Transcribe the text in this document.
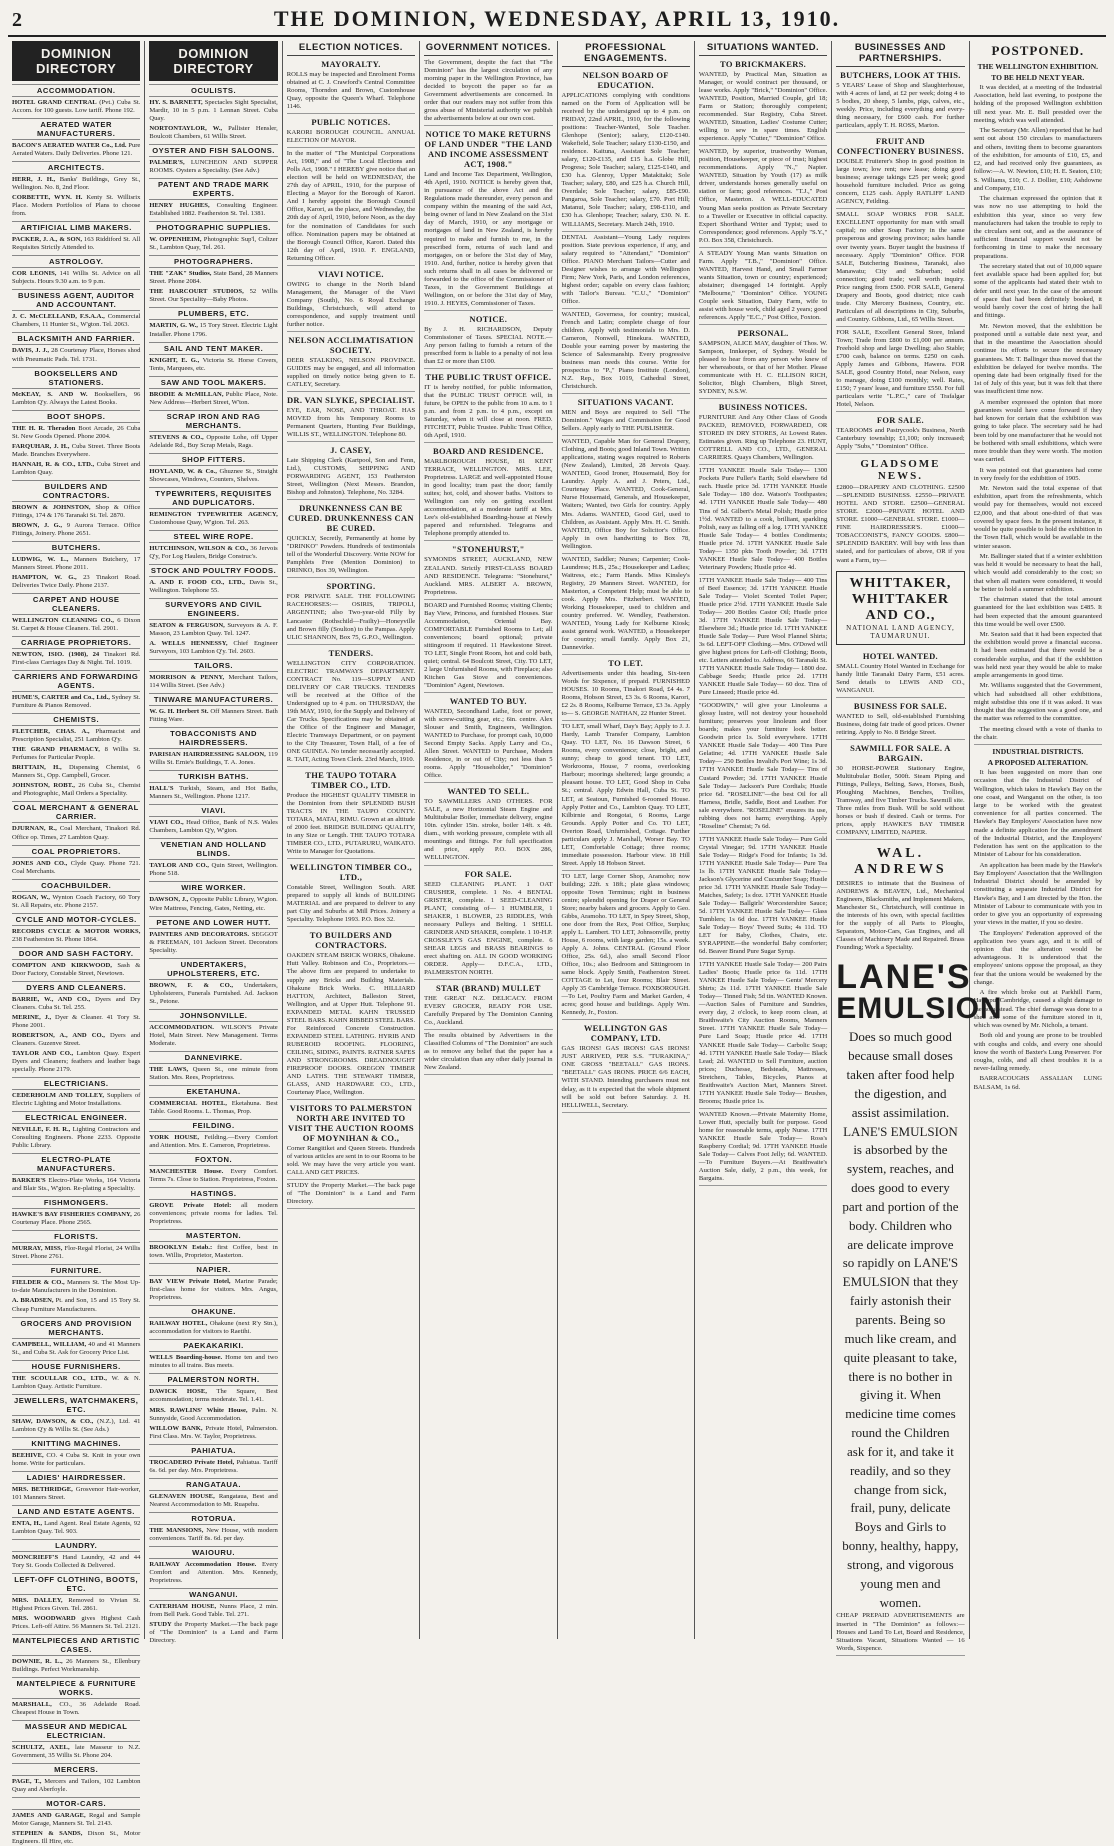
2	THE DOMINION, WEDNESDAY, APRIL 13, 1910.
DOMINION DIRECTORY
ACCOMMODATION.

HOTEL GRAND CENTRAL (Pvt.) Cuba St. Accom. for 100 guests. Low tariff. Phone 192.

AERATED WATER MANUFACTURERS.

BACON'S AERATED WATER Co., Ltd. Pure Aerated Waters. Daily Deliveries. Phone 121.

ARCHITECTS.

HERR, J. H., Banks' Buildings, Grey St., Wellington. No. 8, 2nd Floor.

CORBETTE, WYN. H. Kenty St. Willisrix Place. Modern Portfolios of Plans to choose from.

ARTIFICIAL LIMB MAKERS.

PACKER, J. A., & SON, 163 Riddiford St. All Requisites Strictly Attended to.

ASTROLOGY.

COR LEONIS, 141 Willis St. Advice on all Subjects. Hours 9.30 a.m. to 9 p.m.

BUSINESS AGENT, AUDITOR AND ACCOUNTANT.

J. C. McCLELLAND, F.S.A.A., Commercial Chambers, 11 Hunter St., W'gton. Tel. 2063.

BLACKSMITH AND FARRIER.

DAVIS, J. J., 28 Courtenay Place, Horses shod with Pneumatic Pads. Tel. 1731.

BOOKSELLERS AND STATIONERS.

McKEAY, S. AND W. Booksellers, 96 Lambton Q'y. Always the Latest Books.

BOOT SHOPS.

THE H. R. Theradon Boot Arcade, 26 Cuba St. New Goods Opened. Phone 2004.

FARQUHAR, J. H., Cuba Street. Three Boots Made. Branches Everywhere.

HANNAH, R. & CO., LTD., Cuba Street and Lambton Quay.

BUILDERS AND CONTRACTORS.

BROWN & JOHNSTON, Shop & Office Fittings, 174 & 176 Taranaki St. Tel. 2870.

BROWN, J. G., 9 Aurora Terrace. Office Fittings, Joinery. Phone 2651.

BUTCHERS.

LUDWIG, W. L., Manners Butchery, 17 Manners Street. Phone 2011.

HAMPTON, W. G., 23 Tinakori Road. Deliveries Twice Daily. Phone 2137.

CARPET AND HOUSE CLEANERS.

WELLINGTON CLEANING CO., 6 Dixon St. Carpet & House Cleaners. Tel. 2901.

CARRIAGE PROPRIETORS.

NEWTON, ISIO. (1908), 24 Tinakori Rd. First-class Carriages Day & Night. Tel. 1019.

CARRIERS AND FORWARDING AGENTS.

HUME'S, CARTER and Co., Ltd., Sydney St. Furniture & Pianos Removed.

CHEMISTS.

FLETCHER, CHAS. A., Pharmacist and Prescription Specialist, 251 Lambton Q'y.

THE GRAND PHARMACY, 8 Willis St. Perfumes for Particular People.

BRITTAIN, H., Dispensing Chemist, 6 Manners St., Opp. Campbell, Grocer.

JOHNSTON, ROBT., 26 Cuba St., Chemist and Photographic, Mail Orders a Speciality.

COAL MERCHANT & GENERAL CARRIER.

DJURNAN, R., Coal Merchant, Tinakori Rd. Office op. Times, 27 Lambton Quay.

COAL PROPRIETORS.

JONES AND CO., Clyde Quay. Phone 721. Coal Merchants.

COACHBUILDER.

ROGAN, W., Wynton Coach Factory, 60 Tory St. All Repairs, etc. Phone 2157.

CYCLE AND MOTOR-CYCLES.

RECORDS CYCLE & MOTOR WORKS, 238 Featherston St. Phone 1864.

DOOR AND SASH FACTORY.

COMPTON AND KIRKWOOD, Sash & Door Factory, Constable Street, Newtown.

DYERS AND CLEANERS.

BARRIE, W., AND CO., Dyers and Dry Cleaners. Cuba St. Tel. 255.

MERINE, J., Dyer & Cleaner. 41 Tory St. Phone 2001.

ROBERTSON, A., AND CO., Dyers and Cleaners. Guzenve Street.

TAYLOR AND CO., Lambton Quay. Expert Dyers and Cleaners; feathers and leather bags specially. Phone 2179.

ELECTRICIANS.

CEDERHOLM AND TOLLEY, Suppliers of Electric Lighting and Motor Installations.

ELECTRICAL ENGINEER.

NEVILLE, F. H. R., Lighting Contractors and Consulting Engineers. Phone 2233. Opposite Public Library.

ELECTRO-PLATE MANUFACTURERS.

BARKER'S Electro-Plate Works, 164 Victoria and Blair Sts., W'gton. Re-plating a Speciality.

FISHMONGERS.

HAWKE'S BAY FISHERIES COMPANY, 26 Courtenay Place. Phone 2565.

FLORISTS.

MURRAY, MISS, Flor-Regal Florist, 24 Willis Street. Phone 2761.

FURNITURE.

FIELDER & CO., Manners St. The Most Up-to-date Manufacturers in the Dominion.

A. BRADSEN, Pt. and Son, 15 and 15 Tory St. Cheap Furniture Manufacturers.

GROCERS AND PROVISION MERCHANTS.

CAMPBELL, WILLIAM, 40 and 41 Manners St., and Cuba St. Ask for Grocery Price List.

HOUSE FURNISHERS.

THE SCOULLAR CO., LTD., W. & N. Lambton Quay. Artistic Furniture.

JEWELLERS, WATCHMAKERS, ETC.

SHAW, DAWSON, & CO., (N.Z.), Ltd. 41 Lambton Q'y & Willis St. (See Ads.)

KNITTING MACHINES.

BEEHIVE, CO. 4 Cuba St. Knit in your own home. Write for particulars.

LADIES' HAIRDRESSER.

MRS. BETHRIDGE, Grosvenor Hair-worker, 101 Manners Street.

LAND AND ESTATE AGENTS.

ENTA, H., Land Agent. Real Estate Agents, 92 Lambton Quay. Tel. 903.

LAUNDRY.

MONCRIEFF'S Hand Laundry, 42 and 44 Tory St. Goods Collected & Delivered.

LEFT-OFF CLOTHING, BOOTS, ETC.

MRS. DALLEY, Removed to Vivian St. Highest Prices Given. Tel. 2861.

MRS. WOODWARD gives Highest Cash Prices. Left-off Attire. 56 Manners St. Tel. 2121.

MANTELPIECES AND ARTISTIC CASES.

DOWNIE, R. L., 26 Manners St., Ellenbury Buildings. Perfect Workmanship.

MANTELPIECE & FURNITURE WORKS.

MARSHALL, CO., 36 Adelaide Road. Cheapest House in Town.

MASSEUR AND MEDICAL ELECTRICIAN.

SCHULTZ, AXEL, late Masseur to N.Z. Government, 35 Willis St. Phone 204.

MERCERS.

PAGE, T., Mercers and Tailors, 102 Lambton Quay and Aberfoyle.

MOTOR-CARS.

JAMES AND GARAGE, Regal and Sample Motor Garage, Manners St. Tel. 2143.

STEPHEN & SANDS, Dixon St., Motor Engineers. Ill Hire, etc.

DOMINION DIRECTORY
OCULISTS.

HY. S. BARNETT, Spectacles Sight Specialist, Mardir, 10 in 5 p.m. 1 Lennan Street. Cuba Quay.

NORTONTAYLOR, W., Pallister Hensler, Boulcott Chambers, 61 Willis Street.

OYSTER AND FISH SALOONS.

PALMER'S, LUNCHEON AND SUPPER ROOMS. Oysters a Speciality. (See Adv.)

PATENT AND TRADE MARK EXPERTS.

HENRY HUGHES, Consulting Engineer. Established 1882. Featherston St. Tel. 1381.

PHOTOGRAPHIC SUPPLIES.

W. OPPENHEIM, Photographic Sup'l, Coltzer St., Lambton Quay, Tel. 261.

PHOTOGRAPHERS.

THE "ZAK" Studios, State Band, 28 Manners Street. Phone 2084.

THE HARCOURT STUDIOS, 52 Willis Street. Our Speciality—Baby Photos.

PLUMBERS, ETC.

MARTIN, G. W., 15 Tory Street. Electric Light Installer. Phone 1796.

SAIL AND TENT MAKER.

KNIGHT, E. G., Victoria St. Horse Covers, Tents, Marquees, etc.

SAW AND TOOL MAKERS.

BRODIE & McMILLAN, Public Place, Note. New Address—Herbert Street, W'ton.

SCRAP IRON AND RAG MERCHANTS.

STEVENS & CO., Opposite Lohe, off Upper Adelaide Rd., Buy Scrap Metals, Rags.

SHOP FITTERS.

HOYLAND, W. & Co., Ghuznee St., Straight Showcases, Windows, Counters, Shelves.

TYPEWRITERS, REQUISITES AND DUPLICATORS.

REMINGTON TYPEWRITER AGENCY, Customhouse Quay, W'gton. Tel. 263.

STEEL WIRE ROPE.

HUTCHINSON, WILSON & CO., 36 Jervois Q'y, For Log Haulers, Bridge Construc's.

STOCK AND POULTRY FOODS.

A. AND F. FOOD CO., LTD., Davis St., Wellington. Telephone 55.

SURVEYORS AND CIVIL ENGINEERS.

SEATON & FERGUSON, Surveyors & A. F. Masson, 23 Lambton Quay. Tel. 1247.

A. WELLS HENNESSY, Chief Engineer Surveyors, 103 Lambton Q'y. Tel. 2603.

TAILORS.

MORRISON & PENNY, Merchant Tailors, 114 Willis Street. (See Adv.)

TINWARE MANUFACTURERS.

W. G. H. Herbert St. Off Manners Street. Bath Fitting Ware.

TOBACCONISTS AND HAIRDRESSERS.

PARISIAN HAIRDRESSING SALOON, 119 Willis St. Ernie's Buildings, T. A. Jones.

TURKISH BATHS.

HALL'S Turkish, Steam, and Hot Baths, Manners St., Wellington. Phone 1217.

VIAVI.

VIAVI CO., Head Office, Bank of N.S. Wales Chambers, Lambton Q'y, W'gton.

VENETIAN AND HOLLAND BLINDS.

TAYLOR AND CO., Quin Street, Wellington. Phone 518.

WIRE WORKER.

DAWSON, J., Opposite Public Library, W'gton. Wire Mattress, Fencing, Gates, Netting, etc.

PETONE AND LOWER HUTT.

PAINTERS AND DECORATORS. SEGGOT & FREEMAN, 101 Jackson Street. Decorators Speciality.

UNDERTAKERS, UPHOLSTERERS, ETC.

BROWN, F. & CO., Undertakers, Upholsterers, Funerals Furnished. Ad. Jackson St., Petone.

JOHNSONVILLE.

ACCOMMODATION. WILSON'S Private Hotel, Main Street. New Management. Terms Moderate.

DANNEVIRKE.

THE LAWS, Queen St., one minute from Station. Mrs. Rees, Proprietress.

EKETAHUNA.

COMMERCIAL HOTEL, Eketahuna. Best Table. Good Rooms. L. Thomas, Prop.

FEILDING.

YORK HOUSE, Feilding.—Every Comfort and Attention. Mrs. E. Cameron, Proprietress.

FOXTON.

MANCHESTER House. Every Comfort. Terms 7s. Close to Station. Proprietress, Foxton.

HASTINGS.

GROVE Private Hotel: all modern conveniences; private rooms for ladies. Tel. Proprietress.

MASTERTON.

BROOKLYN Estab.: first Coffee, best in town. Willis, Proprietor, Masterton.

NAPIER.

BAY VIEW Private Hotel, Marine Parade; first-class home for visitors. Mrs. Angus, Proprietress.

OHAKUNE.

RAILWAY HOTEL, Ohakune (next R'y Stn.), accommodation for visitors to Raetihi.

PAEKAKARIKI.

WELLS Boarding-house. Home ten and two minutes to all trains. Bus meets.

PALMERSTON NORTH.

DAWICK HOSE, The Square, Best accommodation; terms moderate. Tel. 1.41.

MRS. RAWLINS' White House, Palm. N. Sunnyside, Good Accommodation.

WILLOW BANK, Private Hotel, Palmerston. First Class. Mrs. W. Taylor, Proprietress.

PAHIATUA.

TROCADERO Private Hotel, Pahiatua. Tariff 6s. 6d. per day. Mrs. Proprietress.

RANGATAUA.

GLENAVEN HOUSE, Rangataua, Best and Nearest Accommodation to Mt. Ruapehu.

ROTORUA.

THE MANSIONS, New House, with modern conveniences. Tariff 8s. 6d. per day.

WAIOURU.

RAILWAY Accommodation House. Every Comfort and Attention. Mrs. Kennedy, Proprietress.

WANGANUI.

CATERHAM HOUSE, Nunns Place, 2 min. from Bell Park. Good Table. Tel. 271.

STUDY the Property Market.—The back page of "The Dominion" is a Land and Farm Directory.

ELECTION NOTICES.
MAYORALTY.

ROLLS may be inspected and Enrolment Forms obtained at C. J. Crawford's Central Committee Rooms, Thorndon and Brown, Customhouse Quay, opposite the Queen's Wharf. Telephone 1146.

PUBLIC NOTICES.

KARORI BOROUGH COUNCIL. ANNUAL ELECTION OF MAYOR.

In the matter of "The Municipal Corporations Act, 1908," and of "The Local Elections and Polls Act, 1908." I HEREBY give notice that an election will be held on WEDNESDAY, the 27th day of APRIL, 1910, for the purpose of Electing a Mayor for the Borough of Karori. And I hereby appoint the Borough Council Office, Karori, as the place, and Wednesday, the 20th day of April, 1910, before Noon, as the day for the nomination of Candidates for such office. Nomination papers may be obtained at the Borough Council Office, Karori. Dated this 12th day of April, 1910. F. ENGLAND, Returning Officer.

VIAVI NOTICE.

OWING to change in the North Island Management, the Manager of the Viavi Company (South), No. 6 Royal Exchange Buildings, Christchurch, will attend to correspondence, and supply treatment until further notice.

NELSON ACCLIMATISATION SOCIETY.

DEER STALKING, NELSON PROVINCE. GUIDES may be engaged, and all information supplied on timely notice being given to E. CATLEY, Secretary.

DR. VAN SLYKE, SPECIALIST.

EYE, EAR, NOSE, AND THROAT. HAS MOVED from his Temporary Rooms to Permanent Quarters, Hunting Fear Buildings, WILLIS ST., WELLINGTON. Telephone 80.

J. CASEY,

Late Shipping Clerk (Kartpool, Son and Fenn, Ltd.), CUSTOMS, SHIPPING AND FORWARDING AGENT, 153 Featherston Street, Wellington (Next Messrs. Brandon, Bishop and Johnston). Telephone, No. 3284.

DRUNKENNESS CAN BE CURED. DRUNKENNESS CAN BE CURED.

QUICKLY, Secretly, Permanently at home by "DRINKO" Powders. Hundreds of testimonials tell of the Wonderful Discovery. Write NOW for Pamphlets Free (Mention Dominion) to DRINKO, Box 39, Wellington.

SPORTING.

FOR PRIVATE SALE. THE FOLLOWING RACEHORSES:— OSIRIS, TRIPOLI, ARGENTINE; also Two-year-old Filly by Lancaster (Rothschild—Frailty)—Honeyville and Brown filly (Soulton) to the Pampas. Apply ULIC SHANNON, Box 75, G.P.O., Wellington.

TENDERS.

WELLINGTON CITY CORPORATION. ELECTRIC TRAMWAYS DEPARTMENT. CONTRACT No. 119—SUPPLY AND DELIVERY OF CAR TRUCKS. TENDERS will be received at the Office of the Undersigned up to 4 p.m. on THURSDAY, the 19th MAY, 1910, for the Supply and Delivery of Car Trucks. Specifications may be obtained at the Office of the Engineer and Manager, Electric Tramways Department, or on payment to the City Treasurer, Town Hall, of a fee of ONE GUINEA. No tender necessarily accepted. R. TAIT, Acting Town Clerk. 23rd March, 1910.

THE TAUPO TOTARA TIMBER CO., LTD.

Produce the HIGHEST QUALITY TIMBER in the Dominion from their SPLENDID BUSH TRACTS IN THE TAUPO COUNTY. TOTARA, MATAI, RIMU. Grown at an altitude of 2000 feet. BRIDGE BUILDING QUALITY, in any Size or Length. THE TAUPO TOTARA TIMBER CO., LTD., PUTARURU, WAIKATO. Write to Manager for Quotations.

WELLINGTON TIMBER CO., LTD.,

Constable Street, Wellington South. ARE prepared to supply all kinds of BUILDING MATERIAL and are prepared to deliver to any part City and Suburbs at Mill Prices. Joinery a Speciality. Telephone 1993. P.O. Box 32.

TO BUILDERS AND CONTRACTORS.

OAKDEN STEAM BRICK WORKS, Ohakune. Hutt Valley. Robinson and Co., Proprietors.—The above firm are prepared to undertake to supply any Bricks and Building Materials. Ohakune Brick Works. C. HILLIARD HATTON, Architect, Balleston Street, Wellington, and at Upper Hutt. Telephone 91. EXPANDED METAL KAHN TRUSSED STEEL BARS. KAHN RIBBED STEEL BARS. For Reinforced Concrete Construction. EXPANDED STEEL LATHING. HYRIB AND RUBEROID ROOFING. FLOORING, CEILING, SIDING, PAINTS. RATNER SAFES AND STRONGROOMS. DREADNOUGHT FIREPROOF DOORS. OREGON TIMBER AND LATHS. THE STEWART TIMBER, GLASS, AND HARDWARE CO., LTD., Courtenay Place, Wellington.

VISITORS TO PALMERSTON NORTH ARE INVITED TO VISIT THE AUCTION ROOMS OF MOYNIHAN & CO.,

Corner Rangitikei and Queen Streets. Hundreds of various articles are sent in to our Rooms to be sold. We may have the very article you want. CALL AND GET PRICES.

STUDY the Property Market.—The back page of "The Dominion" is a Land and Farm Directory.

GOVERNMENT NOTICES.

The Government, despite the fact that "The Dominion" has the largest circulation of any morning paper in the Wellington Province, has decided to boycott the paper so far as Government advertisements are concerned. In order that our readers may not suffer from this gross abuse of Ministerial authority we publish the advertisements below at our own cost.

NOTICE TO MAKE RETURNS OF LAND UNDER "THE LAND AND INCOME ASSESSMENT ACT, 1908."

Land and Income Tax Department, Wellington, 4th April, 1910. NOTICE is hereby given that, in pursuance of the above Act and the Regulations made thereunder, every person and company within the meaning of the said Act, being owner of land in New Zealand on the 31st day of March, 1910, or any mortgage or mortgages of land in New Zealand, is hereby required to make and furnish to me, in the prescribed form, returns of such land and mortgages, on or before the 31st day of May, 1910. And, further, notice is hereby given that such returns shall in all cases be delivered or forwarded to the office of the Commissioner of Taxes, in the Government Buildings at Wellington, on or before the 31st day of May, 1910. J. HEYES, Commissioner of Taxes.

NOTICE.

By J. H. RICHARDSON, Deputy Commissioner of Taxes. SPECIAL NOTE.—Any person failing to furnish a return of the prescribed form is liable to a penalty of not less than £2 or more than £100.

THE PUBLIC TRUST OFFICE.

IT is hereby notified, for public information, that the PUBLIC TRUST OFFICE will, in future, be OPEN to the public from 10 a.m. to 1 p.m. and from 2 p.m. to 4 p.m., except on Saturday, when it will close at noon. FRED. FITCHETT, Public Trustee. Public Trust Office, 6th April, 1910.

BOARD AND RESIDENCE.

MARLBOROUGH HOUSE, 81 KENT TERRACE, WELLINGTON. MRS. LEE, Proprietress. LARGE and well-appointed House in good locality; tram past the door; family suites; hot, cold, and shower baths. Visitors to Wellington can rely on getting excellent accommodation, at a moderate tariff at Mrs. Lee's old-established Boarding-house at Newly papered and refurnished. Telegrams and Telephone promptly attended to.

"STONEHURST,"

SYMONDS STREET, AUCKLAND, NEW ZEALAND. Strictly FIRST-CLASS BOARD AND RESIDENCE. Telegrams: "Stonehurst," Auckland. MRS. ALBERT A. BROWN, Proprietress.

BOARD and Furnished Rooms; visiting Clients; Bay View, Princess, and furnished Houses. Star Accommodation, Oriental Bay. COMFORTABLE Furnished Rooms to Let; all conveniences; board optional; private sittingroom if required. 11 Hawkestone Street. TO LET, Single Front Room, hot and cold bath, quiet; central. 64 Boulcott Street, City. TO LET, 2 large Unfurnished Rooms, with Fireplace; also Kitchen Gas Stove and conveniences. "Dominion" Agent, Newtown.

WANTED TO BUY.

WANTED, Secondhand Lathe, foot or power, with screw-cutting gear, etc.; 6in. centre. Alex Slouser and Smith, Engineers, Wellington. WANTED to Purchase, for prompt cash, 10,000 Second Empty Sacks. Apply Larry and Co., Allen Street. WANTED to Purchase, Modern Residence, in or out of City; not less than 5 rooms. Apply "Householder," "Dominion" Office.

WANTED TO SELL.

TO SAWMILLERS AND OTHERS. FOR SALE, a new Horizontal Steam Engine and Multitubular Boiler, immediate delivery, engine 10in. cylinder 15in. stroke, boiler 14ft. x 4ft. diam., with working pressure, complete with all mountings and fittings. For full specification and price, apply P.O. BOX 286, WELLINGTON.

FOR SALE.

SEED CLEANING PLANT. 1 OAT CRUSHER, complete. 1 No. 4 BENTAL GRISTER, complete. 1 SEED-CLEANING PLANT, consisting of— 1 HUMBLER, 1 SHAKER, 1 BLOWER, 23 RIDDLES, With necessary Pulleys and Belting. 1 SHELL GRINDER AND SHAKER, complete. 1 10-H.P. CROSSLEY'S GAS ENGINE, complete. 6 SHEAR LEGS and BRASS BEARINGS to erect shafting on. ALL IN GOOD WORKING ORDER. Apply— D.F.C.A., LTD., PALMERSTON NORTH.

STAR (BRAND) MULLET

THE GREAT N.Z. DELICACY. FROM EVERY GROCER, READY FOR USE. Carefully Prepared by The Dominion Canning Co., Auckland.

The results obtained by Advertisers in the Classified Columns of "The Dominion" are such as to remove any belief that the paper has a wider circulation than any other daily journal in New Zealand.

PROFESSIONAL ENGAGEMENTS.
NELSON BOARD OF EDUCATION.

APPLICATIONS complying with conditions named on the Form of Application will be received by the undersigned up to 4 p.m. on FRIDAY, 22nd APRIL, 1910, for the following positions: Teacher-Wanted, Sole Teacher. Glenhope (Senior); salary, £120-£140. Wakefield, Sole Teacher; salary £130-£150, and residence. Kaituna, Assistant Sole Teacher; salary, £120-£135, and £15 h.a. Globe Hill, Progress; Sole Teacher; salary, £125-£140, and £30 h.a. Glenroy, Upper Matakitaki; Sole Teacher; salary, £80, and £25 h.a. Church Hill, Overdale; Sole Teacher; salary, £85-£90. Pangaroa, Sole Teacher; salary, £70. Port Hill; Matanui, Sole Teacher; salary, £98-£110, and £30 h.a. Glenhope; Teacher; salary, £30. N. E. WILLIAMS, Secretary. March 24th, 1910.

DENTAL Assistant—Young Lady requires position. State previous experience, if any, and salary required to "Attendant," "Dominion" Office. PIANO Merchant Tailors—Cutter and Designer wishes to arrange with Wellington Firm; New York, Paris, and London references, highest order; capable on every class fashion; with Tailor's Bureau. "C.U.," "Dominion" Office.

WANTED, Governess, for country; musical, French and Latin; complete charge of four children. Apply with testimonials to Mrs. D. Cameron, Nonwell, Hinekura. WANTED, Double your earning power by mastering the Science of Salesmanship. Every progressive business man needs this course. Write for prospectus to "P.," Piano Institute (London), N.Z. Rep., Box 1019, Cathedral Street, Christchurch.

SITUATIONS VACANT.

MEN and Boys are required to Sell "The Dominion." Wages and Commission for Good Sellers. Apply early to THE PUBLISHER.

WANTED, Capable Man for General Drapery, Clothing, and Boots; good Inland Town. Written applications, stating wages required to Roberts (New Zealand), Limited, 28 Jervois Quay. WANTED, Good Ironer, Housemaid, Boy for Laundry. Apply A. and J. Peters, Ltd., Courtenay Place. WANTED, Cook-General, Nurse Housemaid, Generals, and Housekeeper, Waiters; Wanted, two Girls for country. Apply Mrs. Adams. WANTED, Good Girl, used to Children, as Assistant. Apply Mrs. H. C. Smith. WANTED, Office Boy for Solicitor's Office. Apply in own handwriting to Box 78, Wellington.

WANTED, Saddler; Nurses; Carpenter; Cook-Laundress; H.B., 25s.; Housekeeper and Ladies; Waitress, etc.; Farm Hands. Miss Kinsley's Registry, 29 Manners Street. WANTED, for Masterton, a Competent Help; must be able to cook. Apply Mrs. Fitzherbert. WANTED, Working Housekeeper, used to children and country preferred. W. Wendley, Featherston. WANTED, Young Lady for Kelburne Kiosk; assist general work. WANTED, a Housekeeper for country; small family. Apply Box 21, Dannevirke.

TO LET.

Advertisements under this heading, Six-teen Words for Sixpence, if prepaid. FURNISHED HOUSES. 10 Rooms, Tinakori Road, £4 4s. 7 Rooms, Hobson Street, £3 3s. 6 Rooms, Karori, £2 2s. 8 Rooms, Kelburne Terrace, £3 3s. Apply to— S. GEORGE NATHAN, 22 Hunter Street.

TO LET, small Wharf, Day's Bay; Apply to J. J. Hardy, Lamb Transfer Company, Lambton Quay. TO LET, No. 16 Dawson Street, 6 Rooms, every convenience; close, bright, and sunny; cheap to good tenant. TO LET, Workrooms, House, 7 rooms, overlooking Harbour; moorings sheltered; large grounds; a pleasant house. TO LET, Good Shop in Cuba St.; central. Apply Edwin Hall, Cuba St. TO LET, at Seatoun, Furnished 6-roomed House. Apply Potter and Co., Lambton Quay. TO LET, Kilbirnie and Rongotai, 6 Rooms, Large Grounds. Apply Potter and Co. TO LET, Overton Road, Unfurnished, Cottage. Further particulars apply J. Marshall, Worser Bay. TO LET, Comfortable Cottage; three rooms; immediate possession. Harbour view. 18 Hill Street. Apply 18 Hobson Street.

TO LET, large Corner Shop, Aramoho; now building; 22ft. x 18ft.; plate glass windows; opposite Town Terminus; right in business centre; splendid opening for Draper or General Store; nearby bakers and grocers. Apply to Geo. Gibbs, Aramoho. TO LET, in Spey Street, Shop, one door from the Rex, Post Office, Surplus; apply L. Lambert. TO LET, Johnsonville, pretty House, 6 rooms, with large garden; 15s. a week. Apply A. Johns. CENTRAL (Ground Floor Office, 25s. 6d.), also small Second Floor Office, 10s.; also Bedroom and Sittingroom in same block. Apply Smith, Featherston Street. COTTAGE to Let, four Rooms; Blair Street. Apply 35 Cambridge Terrace. FOXBOROUGH.—To Let, Poultry Farm and Market Garden, 4 acres; good house and buildings. Apply Wm. Kennedy, Jr., Foxton.

WELLINGTON GAS COMPANY, LTD.

GAS IRONS! GAS IRONS! GAS IRONS! JUST ARRIVED, PER S.S. "TURAKINA," ONE GROSS "BEETALL" GAS IRONS. "BEETALL" GAS IRONS. PRICE 6/6 EACH, WITH STAND. Intending purchasers must not delay, as it is expected that the whole shipment will be sold out before Saturday. J. H. HELLIWELL, Secretary.

SITUATIONS WANTED.
TO BRICKMAKERS.

WANTED, by Practical Man, Situation as Manager, or would contract per thousand, or lease works. Apply "Brick," "Dominion" Office. WANTED, Position, Married Couple, girl 18; Farm or Station; thoroughly competent; recommended. Star Registry, Cuba Street. WANTED, Situation, Ladies' Costume Cutter; willing to sew in spare times. English experience. Apply "Cutter," "Dominion" Office.

WANTED, by superior, trustworthy Woman, position, Housekeeper, or piece of trust; highest recommendations. Apply "N.," Napier. WANTED, Situation by Youth (17) as milk driver, understands horses generally useful on station or farm; good references. "T.J.," Post Office, Masterton. A WELL-EDUCATED Young Man seeks position as Private Secretary to a Traveller or Executive in official capacity. Expert Shorthand Writer and Typist; used to Correspondence; good references. Apply "S.Y.," P.O. Box 358, Christchurch.

A STEADY Young Man wants Situation on Farm. Apply "T.B.," "Dominion" Office. WANTED, Harvest Hand, and Small Farmer wants Situation, town or country; experienced; abstainer; disengaged 14 fortnight. Apply "Melbourne," "Dominion" Office. YOUNG Couple seek Situation, Dairy Farm, wife to assist with house work, child aged 2 years; good references. Apply "E.C.," Post Office, Foxton.

PERSONAL.

SAMPSON, ALICE MAY, daughter of Thos. W. Sampson, Innkeeper, of Sydney. Would be pleased to hear from any person who knew of her whereabouts, or that of her Mother. Please communicate with H. C. ELLISON RICH, Solicitor, Bligh Chambers, Bligh Street, SYDNEY, N.S.W.

BUSINESS NOTICES.

FURNITURE And Any Other Class of Goods PACKED, REMOVED, FORWARDED, OR STORED IN DRY STORES, At Lowest Rates. Estimates given. Ring up Telephone 23. HUNT, COTTRELL AND CO., LTD., GENERAL CARRIERS. Quays Chambers, Wellington.

17TH YANKEE Hustle Sale Today— 1300 Pockets Pure Fuller's Earth; Sold elsewhere 6d each. Hustle price 3d. 17TH YANKEE Hustle Sale Today— 180 doz. Watson's Toothpastes; 4d. 17TH YANKEE Hustle Sale Today— 480 Tins of 5d. Gilbert's Metal Polish; Hustle price 1½d. WANTED to a cook, brilliant, sparkling Polish, easy as falling off a log. 17TH YANKEE Hustle Sale Today— 4 bottles Condiments; Hustle price 7d. 17TH YANKEE Hustle Sale Today— 1350 pkts Tooth Powder; 3d. 17TH YANKEE Hustle Sale Today— 400 Bottles Veterinary Powders; Hustle price 4d.

17TH YANKEE Hustle Sale Today— 400 Tins of Beef Essence; 3d. 17TH YANKEE Hustle Sale Today— Violet Scented Toilet Paper; Hustle price 2½d. 17TH YANKEE Hustle Sale Today— 200 Bottles Castor Oil; Hustle price 3d. 17TH YANKEE Hustle Sale Today— Elsewhere 3d.; Hustle price 1d. 17TH YANKEE Hustle Sale Today— Pure Wool Flannel Shirts; 3s 6d. LEFT-OFF Clothing.—Mrs. O'Dowd will give highest prices for Left-off Clothing; Boots, etc. Letters attended to. Address, 66 Taranaki St. 17TH YANKEE Hustle Sale Today— 1800 doz. Cabbage Seeds; Hustle price 2d. 17TH YANKEE Hustle Sale Today— 60 doz. Tins of Pure Linseed; Hustle price 4d.

"GOODWIN," will give your Linoleums a glossy lustre, will not destroy your household furniture; preserves your linoleum and floor boards; makes your furniture look better. Goodwin price 1s. Sold everywhere. 17TH YANKEE Hustle Sale Today— 400 Tins Pure Gelatine; 4d. 17TH YANKEE Hustle Sale Today— 250 Bottles Invalid's Port Wine; 1s 3d. 17TH YANKEE Hustle Sale Today— Tins of Custard Powder; 3d. 17TH YANKEE Hustle Sale Today— Jackson's Pure Cordials; Hustle price 6d. "ROSELINE"—the best Oil for all Harness, Bridle, Saddle, Boot and Leather. For sale everywhere. "ROSELINE" ensures its use, rubbing does not harm; everything. Apply "Roseline" Chemist; 7s 6d.

17TH YANKEE Hustle Sale Today— Pure Gold Crystal Vinegar; 9d. 17TH YANKEE Hustle Sale Today— Ridge's Food for Infants; 1s 3d. 17TH YANKEE Hustle Sale Today— Pure Tea 1s lb. 17TH YANKEE Hustle Sale Today— Jackson's Glycerine and Cucumber Soap; Hustle price 3d. 17TH YANKEE Hustle Sale Today— Matches, Safety; 1s doz. 17TH YANKEE Hustle Sale Today— Ballgirls' Worcestershire Sauce; 5d. 17TH YANKEE Hustle Sale Today— Glass Tumblers; 1s 6d doz. 17TH YANKEE Hustle Sale Today— Boys' Tweed Suits; 4s 11d. TO LET for Baby, Clothes, Chairs, etc. SYRAPPINE—the wonderful Baby comforter; 6d. Beaver Brand Pure Sugar Syrup.

17TH YANKEE Hustle Sale Today— 200 Pairs Ladies' Boots; Hustle price 6s 11d. 17TH YANKEE Hustle Sale Today— Gents' Mercery Shirts; 2s 11d. 17TH YANKEE Hustle Sale Today— Tinned Fish; 5d tin. WANTED Known.—Auction Sales of Furniture and Sundries, every day, 2 o'clock, to keep room clean, at Braithwaite's City Auction Rooms, Manners Street. 17TH YANKEE Hustle Sale Today— Pure Lard Soap; Hustle price 4d. 17TH YANKEE Hustle Sale Today— Carbolic Soap; 4d. 17TH YANKEE Hustle Sale Today— Black Lead; 2d. WANTED to Sell Furniture, auction prices; Duchesse, Bedsteads, Mattresses, Stretchers, Tables, Bicycles, Pianos at Braithwaite's Auction Mart, Manners Street. 17TH YANKEE Hustle Sale Today— Brushes, Brooms; Hustle price 1s.

WANTED Known.—Private Maternity Home, Lower Hutt, specially built for purpose. Good home for reasonable terms, apply Nurse. 17TH YANKEE Hustle Sale Today— Ross's Raspberry Cordial; 9d. 17TH YANKEE Hustle Sale Today— Calves Foot Jelly; 6d. WANTED.—To Furniture Buyers.—At Braithwaite's Auction Sale, daily, 2 p.m., this week, for Bargains.

BUSINESSES AND PARTNERSHIPS.
BUTCHERS, LOOK AT THIS.

5 YEARS' Lease of Shop and Slaughterhouse, with 4 acres of land, at £2 per week; doing 4 to 5 bodies, 20 sheep, 5 lambs, pigs, calves, etc., weekly. Price, including everything and every-thing necessary, for £600 cash. For further particulars, apply T. H. ROSS, Marton.

FRUIT AND CONFECTIONERY BUSINESS.

DOUBLE Fruiterer's Shop in good position in large town; low rent; new lease; doing good business; average takings £25 per week; good household furniture included. Price as going concern, £125 cash. Apply RATLIFF LAND AGENCY, Feilding.

SMALL SOAP WORKS FOR SALE. EXCELLENT opportunity for man with small capital; no other Soap Factory in the same prosperous and growing province; sales handle over twenty years. Buyer taught the business if necessary. Apply "Dominion" Office. FOR SALE, Butchering Business, Taranaki, also Manawatu; City and Suburban; solid connection; good trade; well worth inquiry. Price ranging from £500. FOR SALE, General Drapery and Boots, good district; nice cash trade. City Mercery Business, Country, etc. Particulars of all descriptions in City, Suburbs, and Country. Gibbons, Ltd., 65 Willis Street.

FOR SALE, Excellent General Store, Inland Town; Trade from £800 to £1,000 per annum. Freehold shop and large Dwelling; also Stable; £700 cash, balance on terms. £250 on cash. Apply James and Gibbons, Hawera. FOR SALE, good Country Hotel, near Nelson, easy to manage, doing £100 monthly; well. Rates, £150; 7 years' lease, and furniture £550. For full particulars write "L.P.C.," care of Trafalgar Hotel, Nelson.

FOR SALE.

TEAROOMS and Pastrycook's Business, North Canterbury township; £1,100; only increased; Apply "Subs," "Dominion" Office.

GLADSOME NEWS.

£2800—DRAPERY AND CLOTHING. £2500—SPLENDID BUSINESS. £2550—PRIVATE HOTEL AND STORE. £2500—GENERAL STORE. £2000—PRIVATE HOTEL AND STORE. £1000—GENERAL STORE. £1000—FINE HAIRDRESSER'S. £1000—TOBACCONIST'S, FANCY GOODS. £800—SPLENDID BAKERY. Will buy with less than stated, and for particulars of above, OR if you want a Farm, try—

WHITTAKER, WHITTAKER AND CO.,
NATIONAL LAND AGENCY, TAUMARUNUI.
HOTEL WANTED.

SMALL Country Hotel Wanted in Exchange for handy little Taranaki Dairy Farm, £51 acres. Send details to LEWIS AND CO., WANGANUI.

BUSINESS FOR SALE.

WANTED to Sell, old-established Furnishing Business, doing fair trade of good prices. Owner retiring. Apply to No. 8 Bridge Street.

SAWMILL FOR SALE. A BARGAIN.

30 HORSE-POWER Stationary Engine, Multitubular Boiler, 500ft. Steam Piping and Fittings, Pulleys, Belting, Saws, Horses, Bush, Ploughing Machines, Benches, Trollies, Tramway, and five Timber Trucks. Sawmill site. Three miles from Bush. Will be sold without horses or bush if desired. Cash or terms. For prices, apply HAWKE'S BAY TIMBER COMPANY, LIMITED, NAPIER.

WAL. ANDREWS

DESIRES to intimate that the Business of ANDREWS & BEAVEN, Ltd., Mechanical Engineers, Blacksmiths, and Implement Makers, Manchester St., Christchurch, will continue in the interests of his own, with special facilities for the supply of all Parts to Ploughs, Separators, Motor-Cars, Gas Engines, and all Classes of Machinery Made and Repaired. Brass Founding; Work a Speciality.

LANE'S
EMULSION
Does so much good because small doses taken after food help the digestion, and assist assimilation. LANE'S EMULSION is absorbed by the system, reaches, and does good to every part and portion of the body. Children who are delicate improve so rapidly on LANE'S EMULSION that they fairly astonish their parents. Being so much like cream, and quite pleasant to take, there is no bother in giving it. When medicine time comes round the Children ask for it, and take it readily, and so they change from sick, frail, puny, delicate Boys and Girls to bonny, healthy, happy, strong, and vigorous young men and women.

CHEAP PREPAID ADVERTISEMENTS are inserted in "The Dominion" as follows:— Houses and Land To Let, Board and Residence, Situations Vacant, Situations Wanted — 16 Words, Sixpence.

POSTPONED.
THE WELLINGTON EXHIBITION.
TO BE HELD NEXT YEAR.

It was decided, at a meeting of the Industrial Association, held last evening, to postpone the holding of the proposed Wellington exhibition till next year. Mr. E. Bull presided over the meeting, which was well attended.

The Secretary (Mr. Allen) reported that he had sent out about 150 circulars to manufacturers and others, inviting them to become guarantors of the exhibition, for amounts of £10, £5, and £2, and had received only five guarantees, as follow:—A. W. Newton, £10; H. E. Seaton, £10; S. Williams, £10; C. J. Dollier, £10; Ashdowne and Company, £10.

The chairman expressed the opinion that it was now no use attempting to hold the exhibition this year, since so very few manufacturers had taken the trouble to reply to the circulars sent out, and as the assurance of sufficient financial support would not be forthcoming in time to make the necessary preparations.

The secretary stated that out of 10,000 square feet available space had been applied for; but some of the applicants had stated their wish to defer until next year. In the case of the amount of space that had been definitely booked, it would barely cover the cost of hiring the hall and fittings.

Mr. Newton moved, that the exhibition be postponed until a suitable date next year, and that in the meantime the Association should continue its efforts to secure the necessary guarantees. Mr. T. Ballinger thus moved that the exhibition be delayed for twelve months. The opening date had been originally fixed for the 1st of July of this year, but it was felt that there was insufficient time now.

A member expressed the opinion that more guarantees would have come forward if they had known for certain that the exhibition was going to take place. The secretary said he had been told by one manufacturer that he would not be bothered with small exhibitions, which were more trouble than they were worth. The motion was carried.

It was pointed out that guarantees had come in very freely for the exhibition of 1905.

Mr. Newton said the total expense of that exhibition, apart from the refreshments, which would pay for themselves, would not exceed £2,000, and that about one-third of that was covered by space fees. In the present instance, it would be quite possible to hold the exhibition in the Town Hall, which would be available in the winter season.

Mr. Ballinger stated that if a winter exhibition was held it would be necessary to heat the hall, which would add considerably to the cost; so that when all matters were considered, it would be better to hold a summer exhibition.

The chairman stated that the total amount guaranteed for the last exhibition was £485. It had been expected that the amount guaranteed this time would be well over £500.

Mr. Seaton said that it had been expected that the exhibition would prove a financial success. It had been estimated that there would be a considerable surplus, and that if the exhibition was held next year they would be able to make ample arrangements in good time.

Mr. Williams suggested that the Government, which had subsidised all other exhibitions, might subsidise this one if it was asked. It was thought that the suggestion was a good one, and the matter was referred to the committee.

The meeting closed with a vote of thanks to the chair.

INDUSTRIAL DISTRICTS.
A PROPOSED ALTERATION.

It has been suggested on more than one occasion that the Industrial District of Wellington, which takes in Hawke's Bay on the one coast, and Wanganui on the other, is too large to be worked with the greatest convenience for all parties concerned. The Hawke's Bay Employers' Association have now made a definite application for the amendment of the Industrial District, and the Employers' Federation has sent on the application to the Minister of Labour for his consideration.

An application has been made by the Hawke's Bay Employers' Association that the Wellington Industrial District should be amended by constituting a separate Industrial District for Hawke's Bay, and I am directed by the Hon. the Minister of Labour to communicate with you in order to give you an opportunity of expressing your views in the matter, if you so desire.

The Employers' Federation approved of the application two years ago, and it is still of opinion that the alteration would be advantageous. It is understood that the employees' unions oppose the proposal, as they fear that the unions would be weakened by the change.

A fire which broke out at Parkhill Farm, Hautapu, Cambridge, caused a slight damage to the homestead. The chief damage was done to a shed and some of the furniture stored in it, which was owned by Mr. Nichols, a tenant.

Both old and young are prone to be troubled with coughs and colds, and every one should know the worth of Baxter's Lung Preserver. For coughs, colds, and all chest troubles it is a never-failing remedy.

BARRACOUGHS ASSALIAN LUNG BALSAM, 1s 6d.
